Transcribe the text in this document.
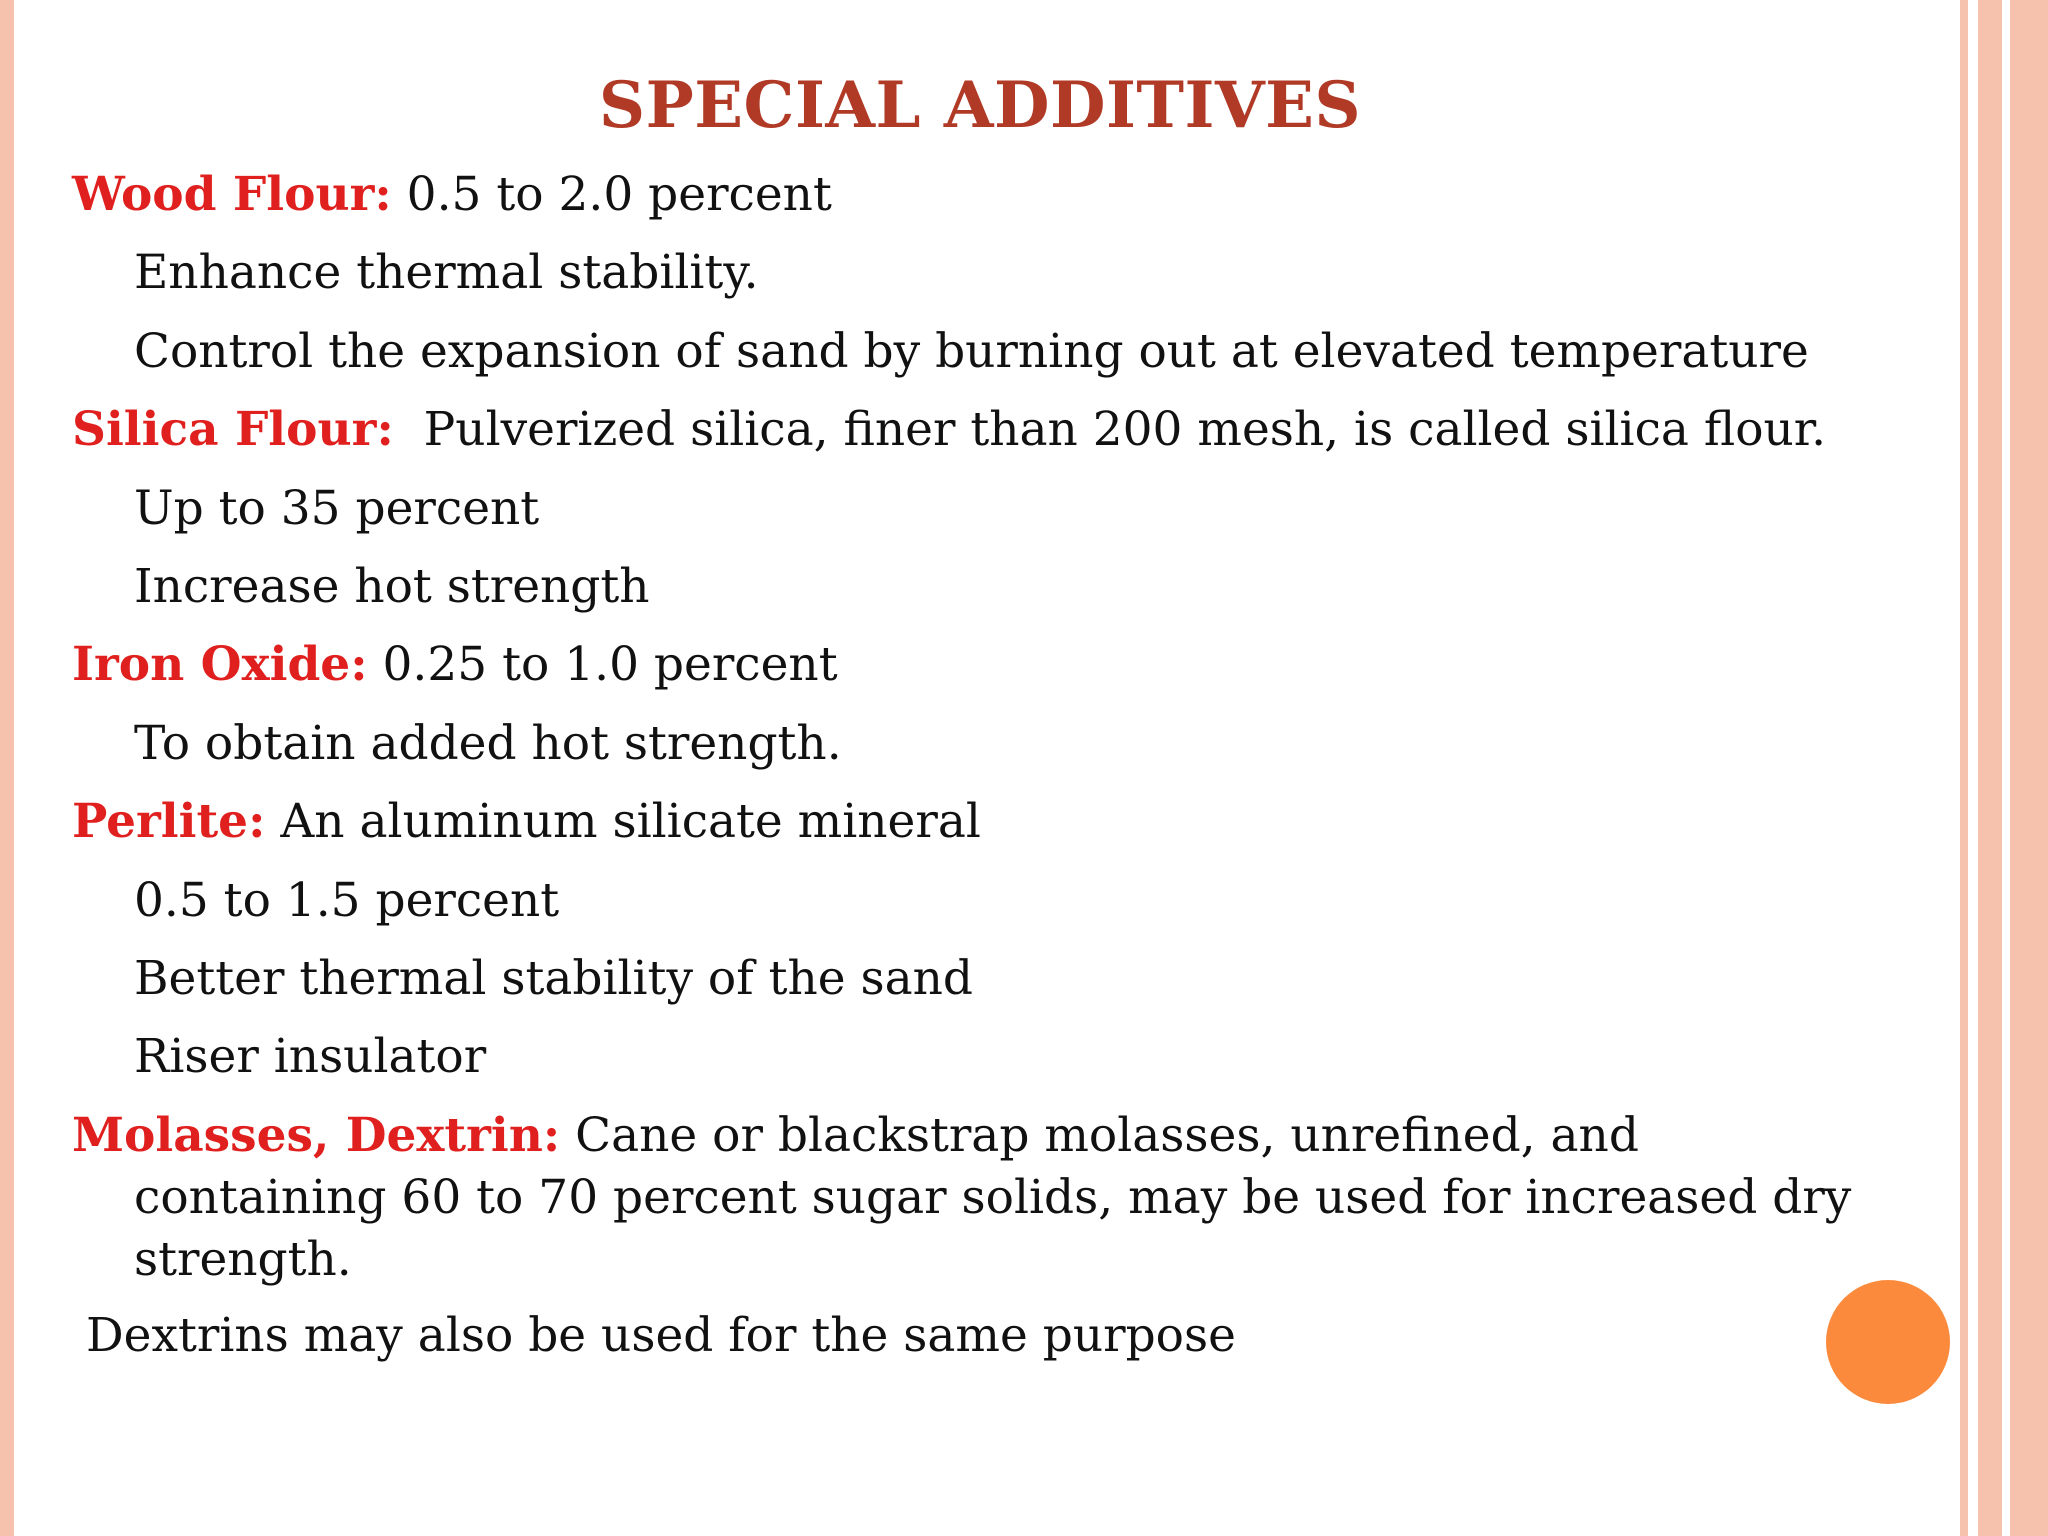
SPECIAL ADDITIVES
Wood Flour: 0.5 to 2.0 percent
Enhance thermal stability.
Control the expansion of sand by burning out at elevated temperature
Silica Flour:  Pulverized silica, finer than 200 mesh, is called silica flour.
Up to 35 percent
Increase hot strength
Iron Oxide: 0.25 to 1.0 percent
To obtain added hot strength.
Perlite: An aluminum silicate mineral
0.5 to 1.5 percent
Better thermal stability of the sand
Riser insulator
Molasses, Dextrin: Cane or blackstrap molasses, unrefined, and containing 60 to 70 percent sugar solids, may be used for increased dry strength.
Dextrins may also be used for the same purpose
